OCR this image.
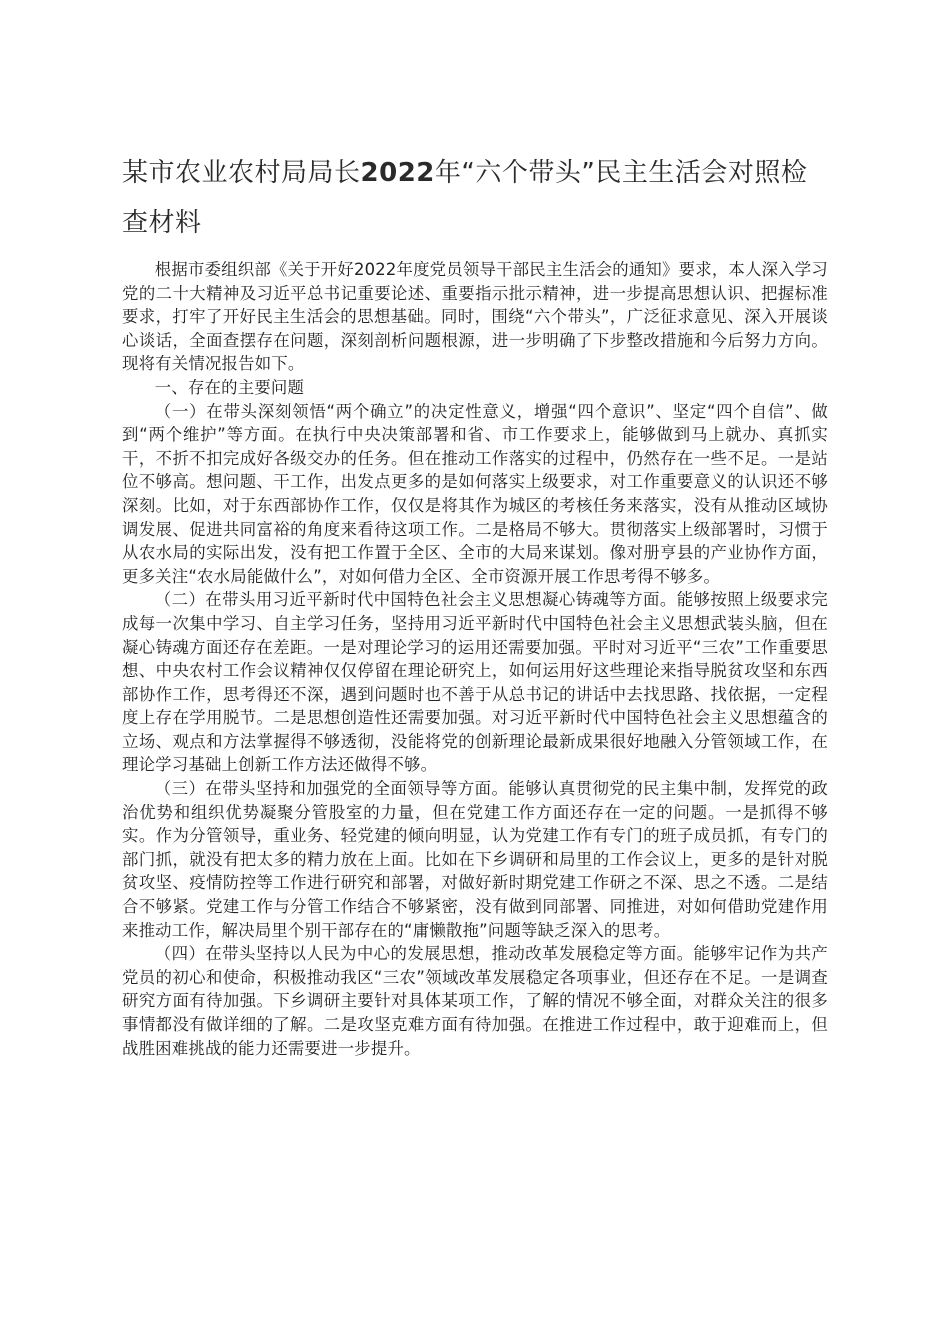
某市农业农村局局长2022年“六个带头”民主生活会对照检查材料

根据市委组织部《关于开好2022年度党员领导干部民主生活会的通知》要求，本人深入学习党的二十大精神及习近平总书记重要论述、重要指示批示精神，进一步提高思想认识、把握标准要求，打牢了开好民主生活会的思想基础。同时，围绕“六个带头”，广泛征求意见、深入开展谈心谈话，全面查摆存在问题，深刻剖析问题根源，进一步明确了下步整改措施和今后努力方向。现将有关情况报告如下。

一、存在的主要问题

（一）在带头深刻领悟“两个确立”的决定性意义，增强“四个意识”、坚定“四个自信”、做到“两个维护”等方面。在执行中央决策部署和省、市工作要求上，能够做到马上就办、真抓实干，不折不扣完成好各级交办的任务。但在推动工作落实的过程中，仍然存在一些不足。一是站位不够高。想问题、干工作，出发点更多的是如何落实上级要求，对工作重要意义的认识还不够深刻。比如，对于东西部协作工作，仅仅是将其作为城区的考核任务来落实，没有从推动区域协调发展、促进共同富裕的角度来看待这项工作。二是格局不够大。贯彻落实上级部署时，习惯于从农水局的实际出发，没有把工作置于全区、全市的大局来谋划。像对册亨县的产业协作方面，更多关注“农水局能做什么”，对如何借力全区、全市资源开展工作思考得不够多。

（二）在带头用习近平新时代中国特色社会主义思想凝心铸魂等方面。能够按照上级要求完成每一次集中学习、自主学习任务，坚持用习近平新时代中国特色社会主义思想武装头脑，但在凝心铸魂方面还存在差距。一是对理论学习的运用还需要加强。平时对习近平“三农”工作重要思想、中央农村工作会议精神仅仅停留在理论研究上，如何运用好这些理论来指导脱贫攻坚和东西部协作工作，思考得还不深，遇到问题时也不善于从总书记的讲话中去找思路、找依据，一定程度上存在学用脱节。二是思想创造性还需要加强。对习近平新时代中国特色社会主义思想蕴含的立场、观点和方法掌握得不够透彻，没能将党的创新理论最新成果很好地融入分管领域工作，在理论学习基础上创新工作方法还做得不够。

（三）在带头坚持和加强党的全面领导等方面。能够认真贯彻党的民主集中制，发挥党的政治优势和组织优势凝聚分管股室的力量，但在党建工作方面还存在一定的问题。一是抓得不够实。作为分管领导，重业务、轻党建的倾向明显，认为党建工作有专门的班子成员抓，有专门的部门抓，就没有把太多的精力放在上面。比如在下乡调研和局里的工作会议上，更多的是针对脱贫攻坚、疫情防控等工作进行研究和部署，对做好新时期党建工作研之不深、思之不透。二是结合不够紧。党建工作与分管工作结合不够紧密，没有做到同部署、同推进，对如何借助党建作用来推动工作，解决局里个别干部存在的“庸懒散拖”问题等缺乏深入的思考。

（四）在带头坚持以人民为中心的发展思想，推动改革发展稳定等方面。能够牢记作为共产党员的初心和使命，积极推动我区“三农”领域改革发展稳定各项事业，但还存在不足。一是调查研究方面有待加强。下乡调研主要针对具体某项工作，了解的情况不够全面，对群众关注的很多事情都没有做详细的了解。二是攻坚克难方面有待加强。在推进工作过程中，敢于迎难而上，但战胜困难挑战的能力还需要进一步提升。
